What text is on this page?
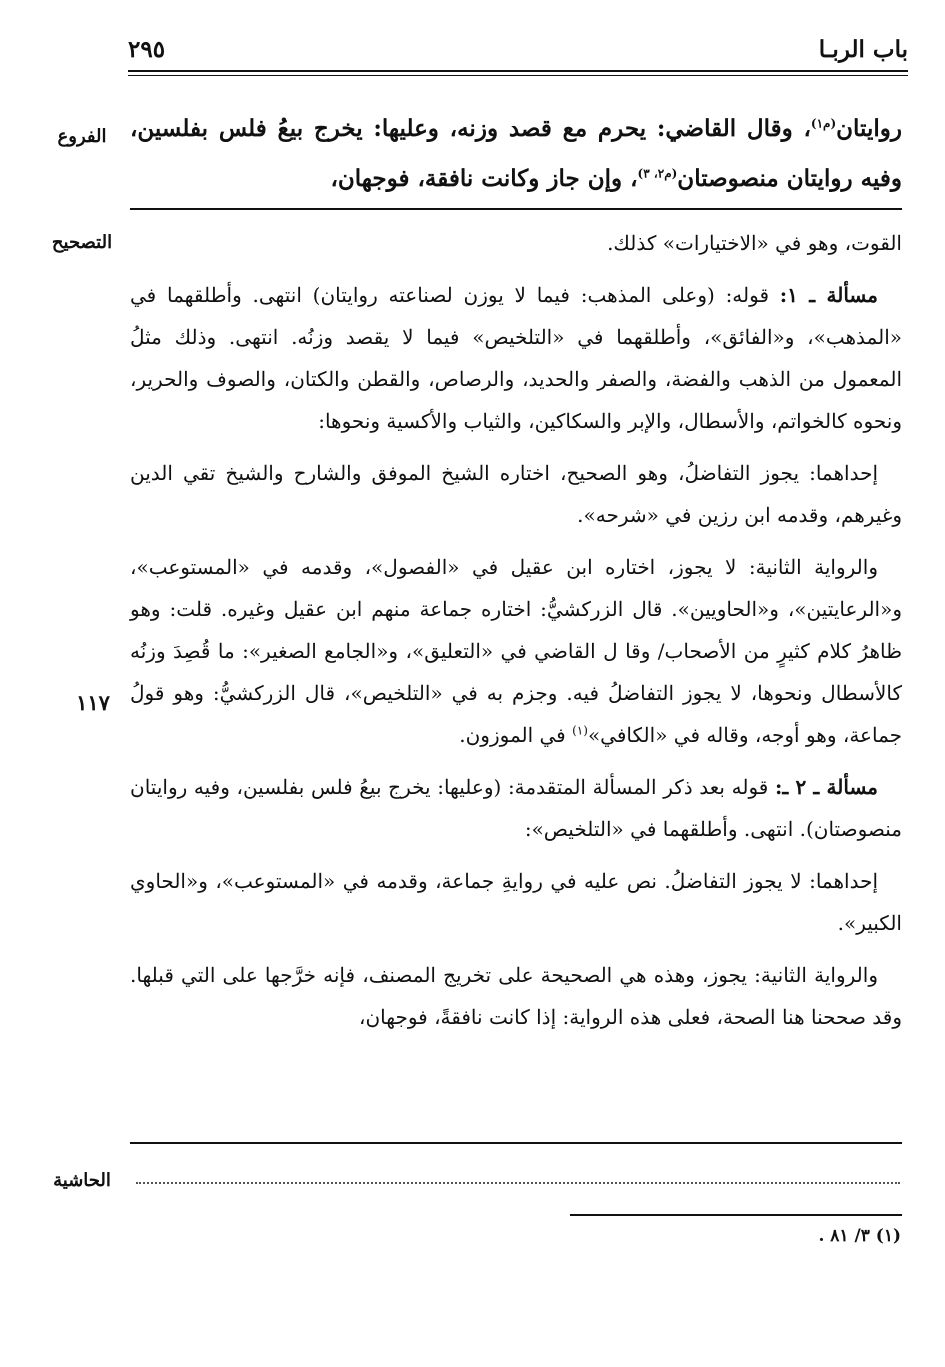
باب الربـا
٢٩٥
الفروع
التصحيح
الحاشية
١١٧

روايتان$^{(م١)}$، وقال القاضي: يحرم مع قصد وزنه، وعليها: يخرج بيعُ فلس بفلسين، وفيه روايتان منصوصتان$^{(م٢، ٣)}$، وإن جاز وكانت نافقة، فوجهان،

القوت، وهو في «الاختيارات» كذلك.

مسألة ـ ١: قوله: (وعلى المذهب: فيما لا يوزن لصناعته روايتان) انتهى. وأطلقهما في «المذهب»، و«الفائق»، وأطلقهما في «التلخيص» فيما لا يقصد وزنُه. انتهى. وذلك مثلُ المعمول من الذهب والفضة، والصفر والحديد، والرصاص، والقطن والكتان، والصوف والحرير، ونحوه كالخواتم، والأسطال، والإبر والسكاكين، والثياب والأكسية ونحوها:

إحداهما: يجوز التفاضلُ، وهو الصحيح، اختاره الشيخ الموفق والشارح والشيخ تقي الدين وغيرهم، وقدمه ابن رزين في «شرحه».

والرواية الثانية: لا يجوز، اختاره ابن عقيل في «الفصول»، وقدمه في «المستوعب»، و«الرعايتين»، و«الحاويين». قال الزركشيُّ: اختاره جماعة منهم ابن عقيل وغيره. قلت: وهو ظاهرُ كلام كثيرٍ من الأصحاب/ وقا ل القاضي في «التعليق»، و«الجامع الصغير»: ما قُصِدَ وزنُه كالأسطال ونحوها، لا يجوز التفاضلُ فيه. وجزم به في «التلخيص»، قال الزركشيُّ: وهو قولُ جماعة، وهو أوجه، وقاله في «الكافي»$^{(١)}$ في الموزون.

مسألة ـ ٢ ـ: قوله بعد ذكر المسألة المتقدمة: (وعليها: يخرج بيعُ فلس بفلسين، وفيه روايتان منصوصتان). انتهى. وأطلقهما في «التلخيص»:

إحداهما: لا يجوز التفاضلُ. نص عليه في روايةِ جماعة، وقدمه في «المستوعب»، و«الحاوي الكبير».

والرواية الثانية: يجوز، وهذه هي الصحيحة على تخريج المصنف، فإنه خرَّجها على التي قبلها. وقد صححنا هنا الصحة، فعلى هذه الرواية: إذا كانت نافقةً، فوجهان،

(١) ٣/ ٨١ .
